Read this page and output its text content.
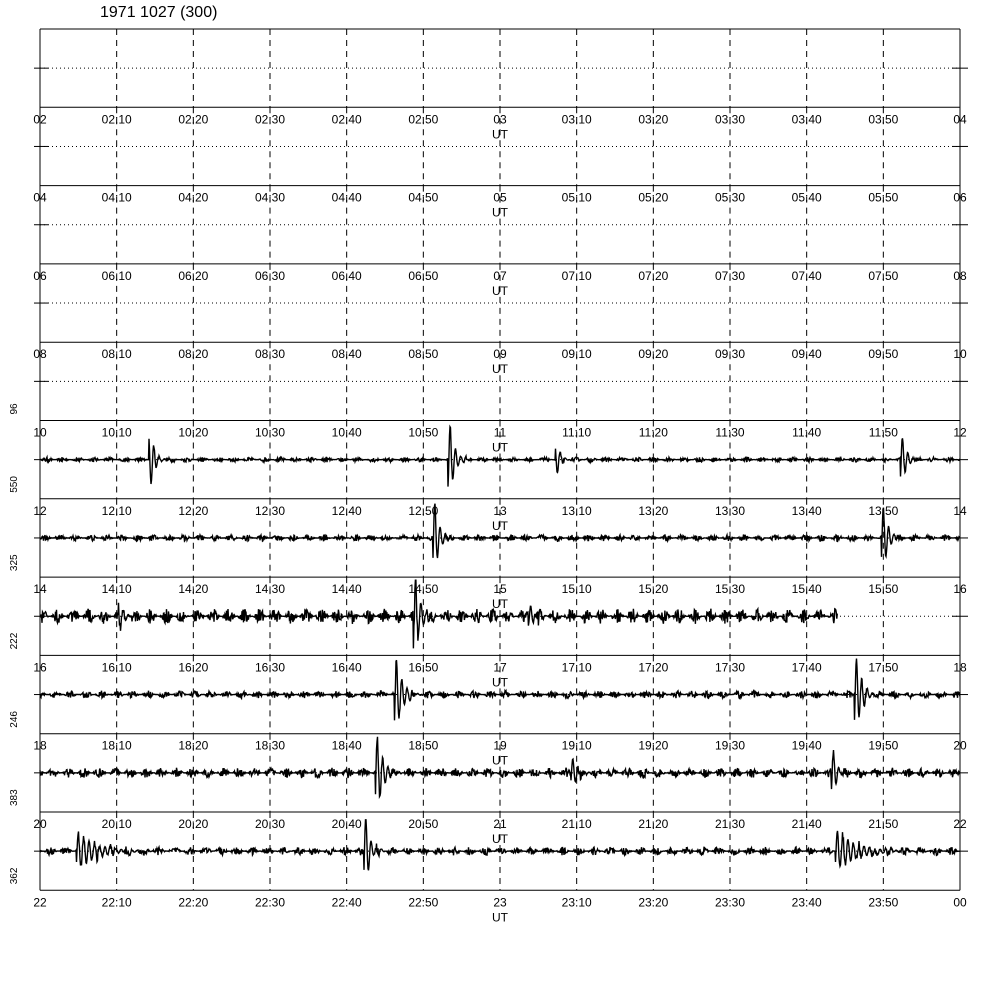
1971 1027 (300)
02	02:10	02:20	02:30	02:40	02:50	03	03:10	03:20	03:30	03:40	03:50	04
UT
04	04:10	04:20	04:30	04:40	04:50	05	05:10	05:20	05:30	05:40	05:50	06
UT
06	06:10	06:20	06:30	06:40	06:50	07	07:10	07:20	07:30	07:40	07:50	08
UT
08	08:10	08:20	08:30	08:40	08:50	09	09:10	09:20	09:30	09:40	09:50	10
UT
96
10	10:10	10:20	10:30	10:40	10:50	11	11:10	11:20	11:30	11:40	11:50	12
UT
550
12	12:10	12:20	12:30	12:40	12:50	13	13:10	13:20	13:30	13:40	13:50	14
UT
325
14	14:10	14:20	14:30	14:40	14:50	15	15:10	15:20	15:30	15:40	15:50	16
UT
222
16	16:10	16:20	16:30	16:40	16:50	17	17:10	17:20	17:30	17:40	17:50	18
UT
246
18	18:10	18:20	18:30	18:40	18:50	19	19:10	19:20	19:30	19:40	19:50	20
UT
383
20	20:10	20:20	20:30	20:40	20:50	21	21:10	21:20	21:30	21:40	21:50	22
UT
362
22	22:10	22:20	22:30	22:40	22:50	23	23:10	23:20	23:30	23:40	23:50	00
UT
